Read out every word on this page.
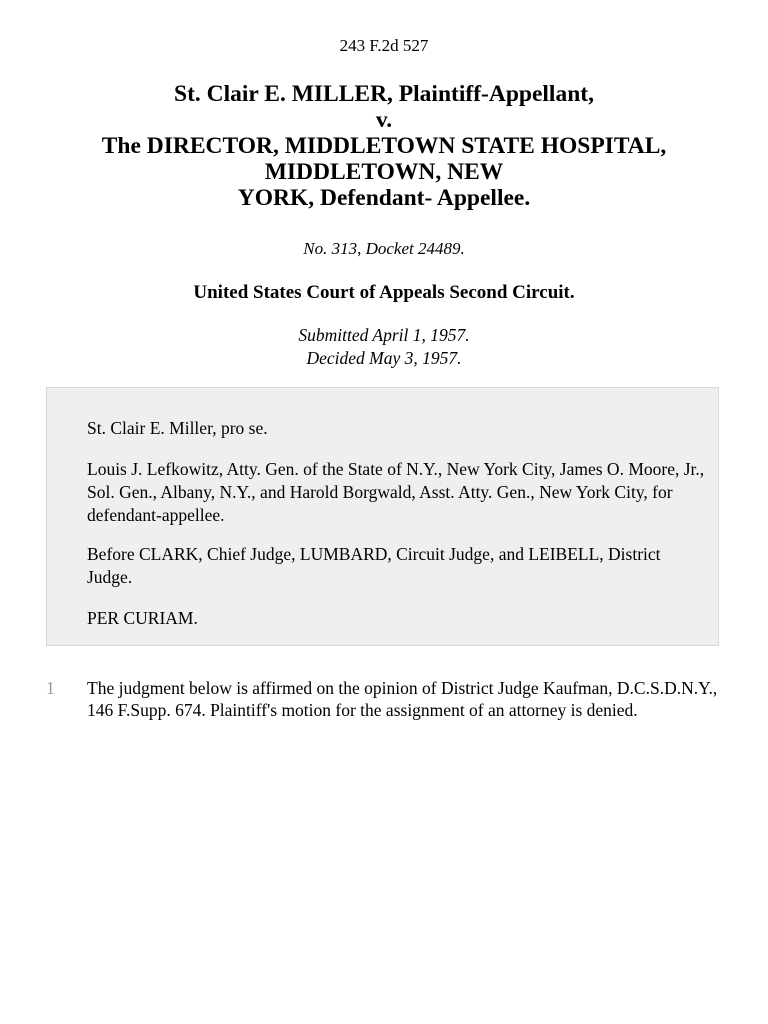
243 F.2d 527
St. Clair E. MILLER, Plaintiff-Appellant,
v.
The DIRECTOR, MIDDLETOWN STATE HOSPITAL,
MIDDLETOWN, NEW
YORK, Defendant- Appellee.
No. 313, Docket 24489.
United States Court of Appeals Second Circuit.
Submitted April 1, 1957.
Decided May 3, 1957.

St. Clair E. Miller, pro se.

Louis J. Lefkowitz, Atty. Gen. of the State of N.Y., New York City, James O. Moore, Jr., Sol. Gen., Albany, N.Y., and Harold Borgwald, Asst. Atty. Gen., New York City, for defendant-appellee.

Before CLARK, Chief Judge, LUMBARD, Circuit Judge, and LEIBELL, District Judge.

PER CURIAM.

1 The judgment below is affirmed on the opinion of District Judge Kaufman, D.C.S.D.N.Y., 146 F.Supp. 674. Plaintiff's motion for the assignment of an attorney is denied.
